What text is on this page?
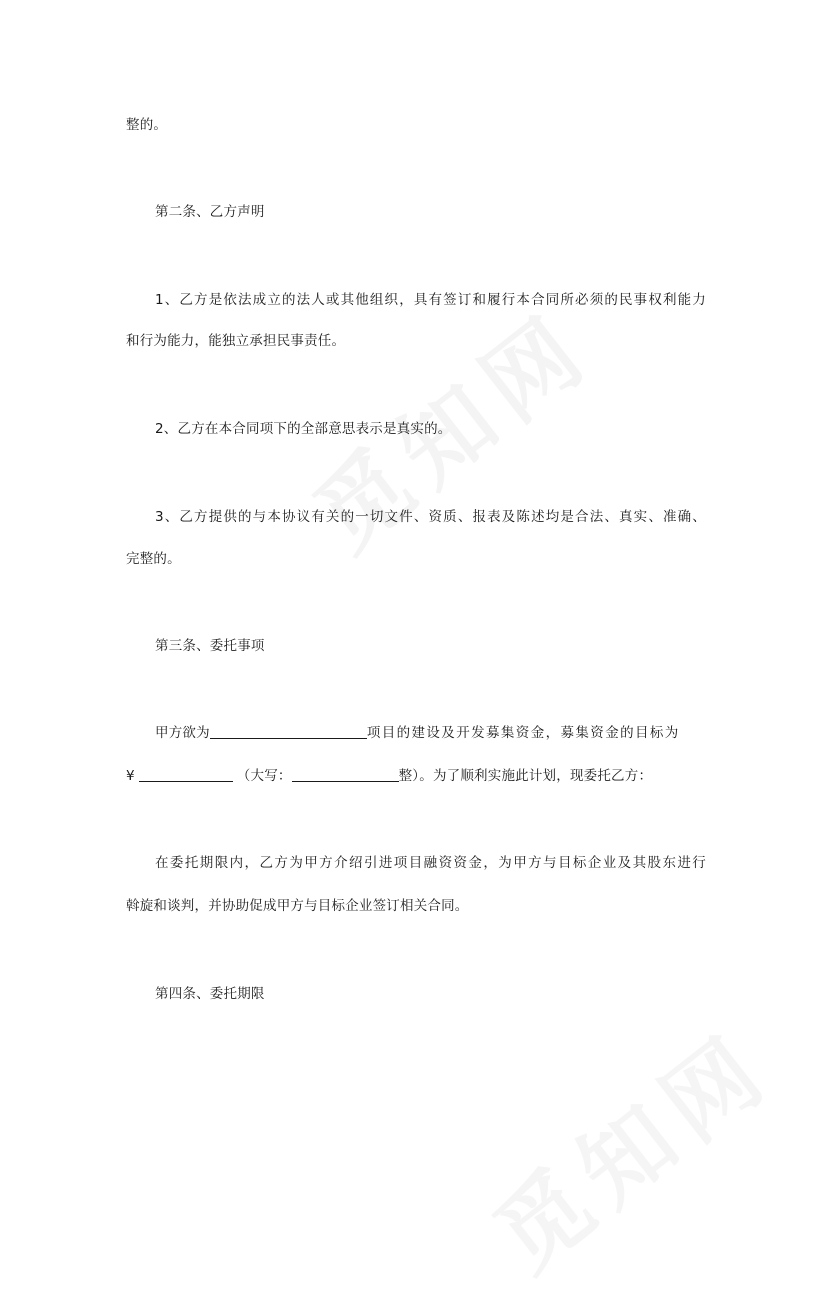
整的。
第二条、乙方声明
1、乙方是依法成立的法人或其他组织，具有签订和履行本合同所必须的民事权利能力
和行为能力，能独立承担民事责任。
2、乙方在本合同项下的全部意思表示是真实的。
3、乙方提供的与本协议有关的一切文件、资质、报表及陈述均是合法、真实、准确、
完整的。
第三条、委托事项
甲方欲为	项目的建设及开发募集资金，募集资金的目标为
¥	（大写：	整）。为了顺利实施此计划，现委托乙方：
在委托期限内，乙方为甲方介绍引进项目融资资金，为甲方与目标企业及其股东进行
斡旋和谈判，并协助促成甲方与目标企业签订相关合同。
第四条、委托期限
